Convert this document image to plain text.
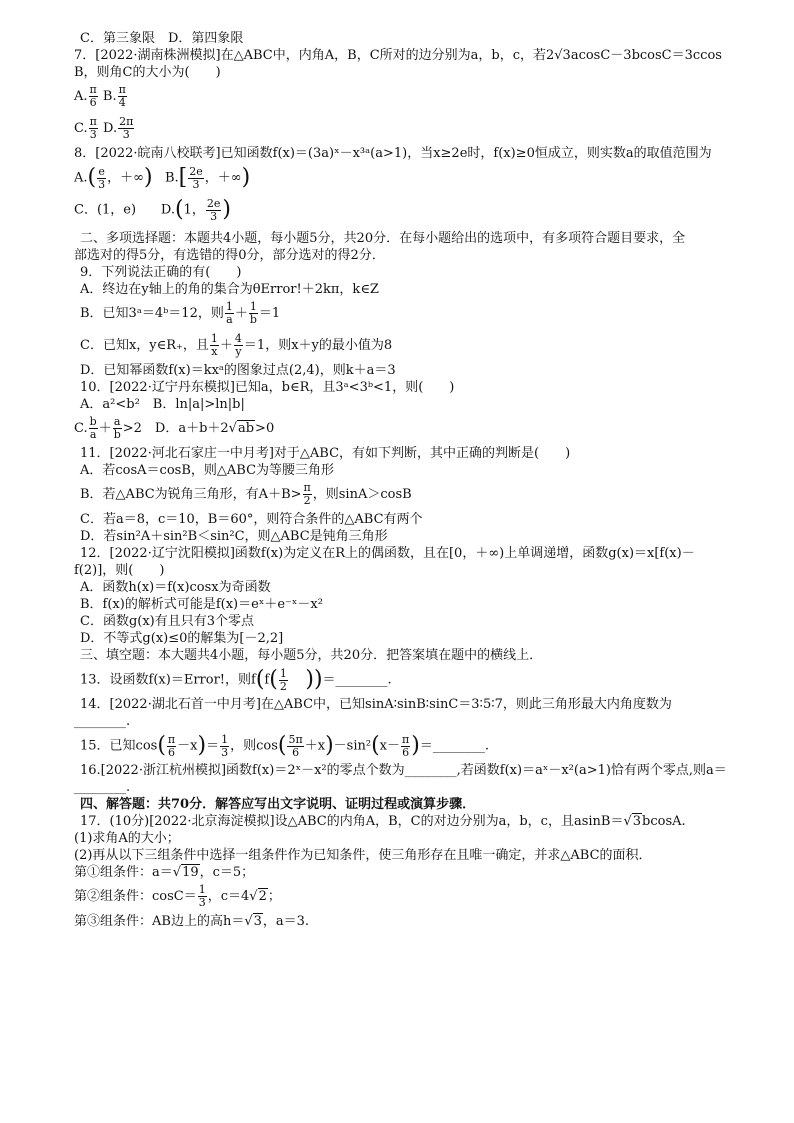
C．第三象限　D．第四象限
7．[2022·湖南株洲模拟]在△ABC中，内角A，B，C所对的边分别为a，b，c，若2√3acosC－3bcosC＝3ccos
B，则角C的大小为(　　)
A. $\frac{\pi}{6} B$. $\frac{\pi}{4}$
C. $\frac{\pi}{3} D$. $\frac{2\pi}{3}$
8．[2022·皖南八校联考]已知函数f(x)＝(3a)ˣ－x³ᵃ(a>1)，当x≥2e时，f(x)≥0恒成立，则实数a的取值范围为
$A.( \frac{e}{3}$ ，＋∞) $B.[ \frac{2e}{3}$ ，＋∞)
C．(1，e) D.(1， $\frac{2e}{3}$ )
二、多项选择题：本题共4小题，每小题5分，共20分．在每小题给出的选项中，有多项符合题目要求，全
部选对的得5分，有选错的得0分，部分选对的得2分．
9．下列说法正确的有(　　)
A．终边在y轴上的角的集合为θError!＋2kπ，k∈Z
B．已知3ᵃ＝4ᵇ＝12，则 $\frac{1}{a} + \frac{1}{b} =1$
C．已知x，y∈R₊，且 $\frac{1}{x} + \frac{4}{y} =1$，则x＋y的最小值为8
D．已知幂函数f(x)＝kxᵃ的图象过点(2,4)，则k＋a＝3
10．[2022·辽宁丹东模拟]已知a，b∈R，且3ᵃ<3ᵇ<1，则(　　)
A．a²<b²　B．ln|a|>ln|b|
C. $\frac{b}{a} + \frac{a}{b} >2$　D．a＋b＋2√ab>0
11．[2022·河北石家庄一中月考]对于△ABC，有如下判断，其中正确的判断是(　　)
A．若cosA＝cosB，则△ABC为等腰三角形
B．若△ABC为锐角三角形，有$A+B> \frac{\pi}{2}$ ，则sinA＞cosB
C．若a＝8，c＝10，B＝60°，则符合条件的△ABC有两个
D．若sin²A＋sin²B＜sin²C，则△ABC是钝角三角形
12．[2022·辽宁沈阳模拟]函数f(x)为定义在R上的偶函数，且在[0，＋∞)上单调递增，函数g(x)＝x[f(x)－
f(2)]，则(　　)
A．函数h(x)＝f(x)cosx为奇函数
B．f(x)的解析式可能是f(x)＝eˣ＋e⁻ˣ－x²
C．函数g(x)有且只有3个零点
D．不等式g(x)≤0的解集为[－2,2]
三、填空题：本大题共4小题，每小题5分，共20分．把答案填在题中的横线上．
13．设函数f(x)＝Error!，则$f(f( \frac{1}{2}$ ))＝________.
14．[2022·湖北石首一中月考]在△ABC中，已知sinA∶sinB∶sinC＝3∶5∶7，则此三角形最大内角度数为
________.
15．已知$\cos( \frac{\pi}{6} -x)= \frac{1}{3}$ ，则$\cos( \frac{5\pi}{6} +x)-\sin^2(x- \frac{\pi}{6}$ )＝________.
16.[2022·浙江杭州模拟]函数f(x)＝2ˣ－x²的零点个数为________,若函数f(x)＝aˣ－x²(a>1)恰有两个零点,则a＝
________.
四、解答题：共70分．解答应写出文字说明、证明过程或演算步骤．
17．(10分)[2022·北京海淀模拟]设△ABC的内角A，B，C的对边分别为a，b，c，且asinB＝√3bcosA.
(1)求角A的大小；
(2)再从以下三组条件中选择一组条件作为已知条件，使三角形存在且唯一确定，并求△ABC的面积．
第①组条件：a＝√19，c＝5；
第②组条件：$\cos C= \frac{1}{3}$ ，c＝4√2；
第③组条件：AB边上的高h＝√3，a＝3.
